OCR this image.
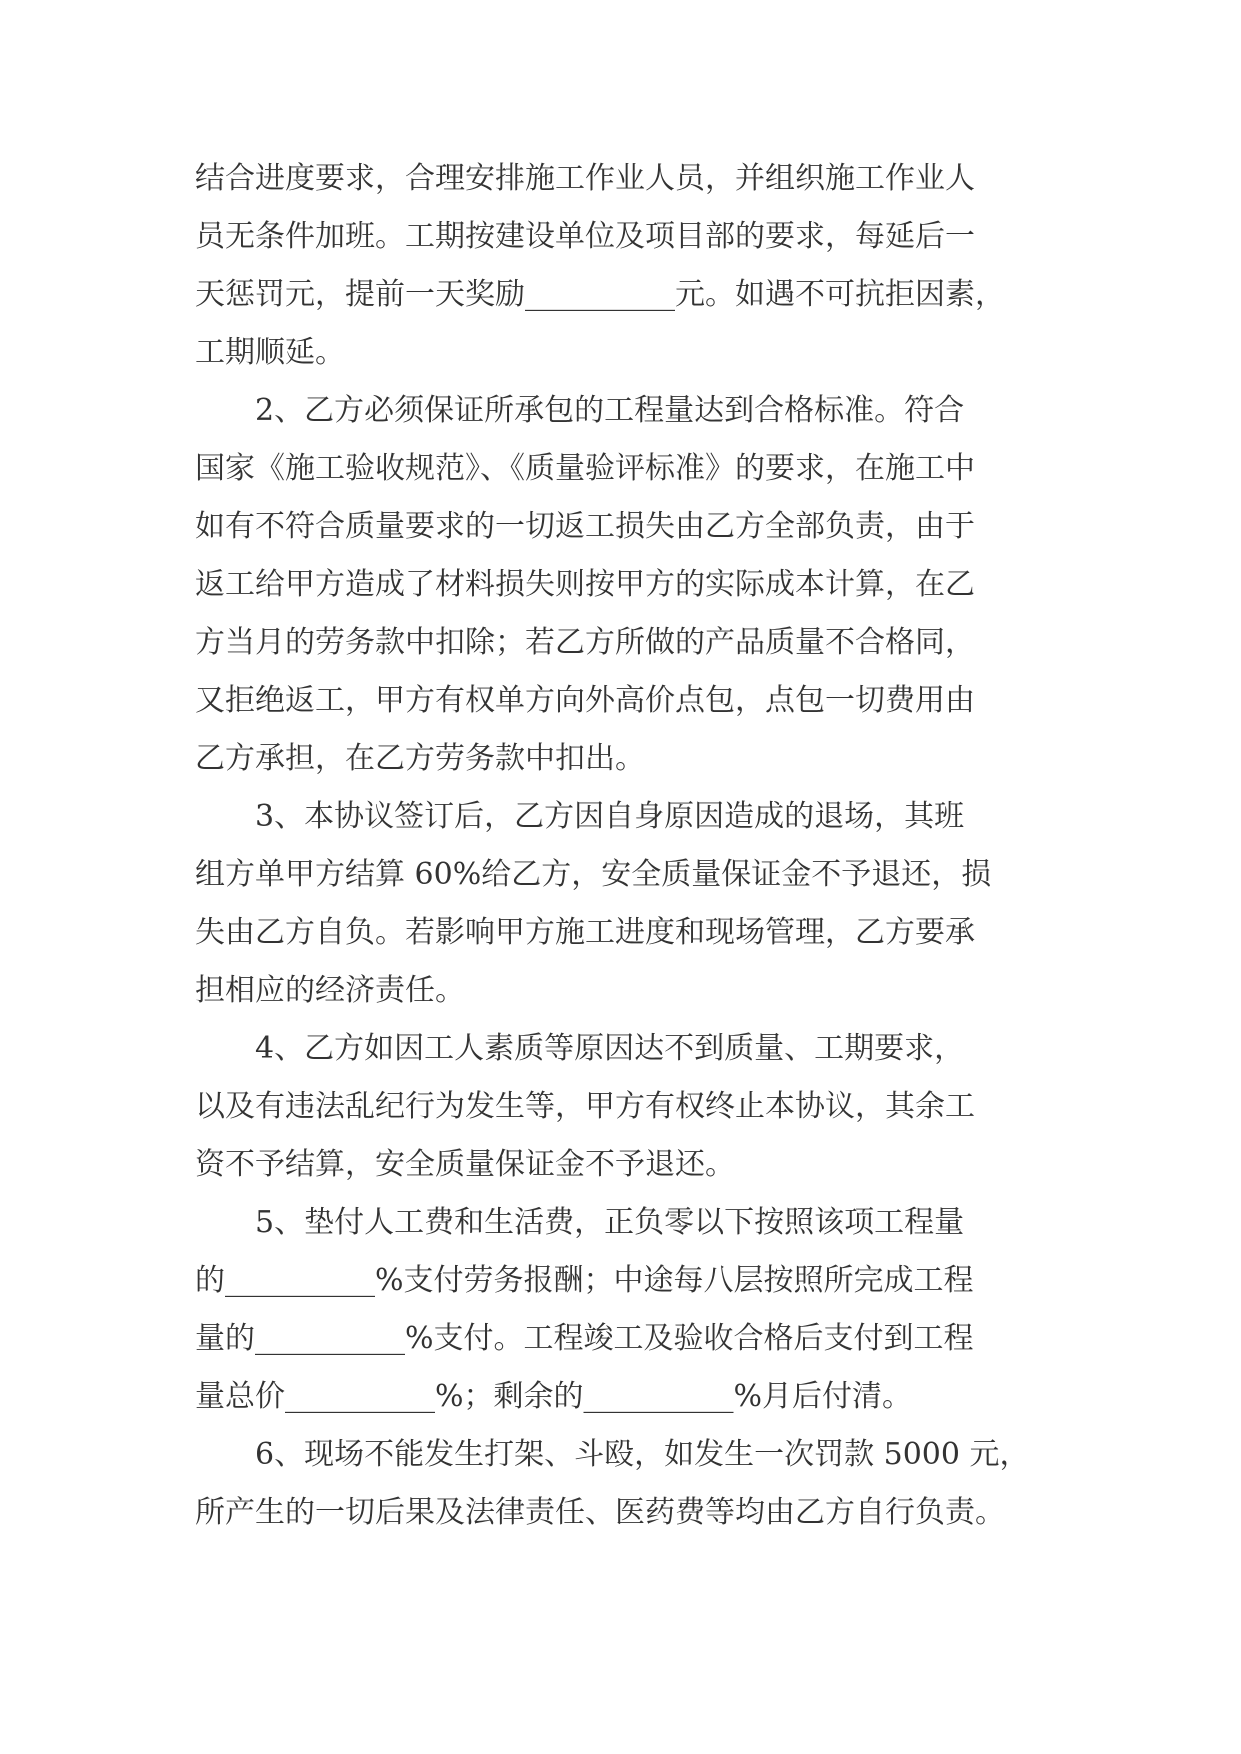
结合进度要求，合理安排施工作业人员，并组织施工作业人
员无条件加班。工期按建设单位及项目部的要求，每延后一
天惩罚元，提前一天奖励__________元。如遇不可抗拒因素，
工期顺延。

2、乙方必须保证所承包的工程量达到合格标准。符合
国家《施工验收规范》、《质量验评标准》的要求，在施工中
如有不符合质量要求的一切返工损失由乙方全部负责，由于
返工给甲方造成了材料损失则按甲方的实际成本计算，在乙
方当月的劳务款中扣除；若乙方所做的产品质量不合格同，
又拒绝返工，甲方有权单方向外高价点包，点包一切费用由
乙方承担，在乙方劳务款中扣出。

3、本协议签订后，乙方因自身原因造成的退场，其班
组方单甲方结算 60%给乙方，安全质量保证金不予退还，损
失由乙方自负。若影响甲方施工进度和现场管理，乙方要承
担相应的经济责任。

4、乙方如因工人素质等原因达不到质量、工期要求，
以及有违法乱纪行为发生等，甲方有权终止本协议，其余工
资不予结算，安全质量保证金不予退还。

5、垫付人工费和生活费，正负零以下按照该项工程量
的__________%支付劳务报酬；中途每八层按照所完成工程
量的__________%支付。工程竣工及验收合格后支付到工程
量总价__________%；剩余的__________%月后付清。

6、现场不能发生打架、斗殴，如发生一次罚款 5000 元，
所产生的一切后果及法律责任、医药费等均由乙方自行负责。
